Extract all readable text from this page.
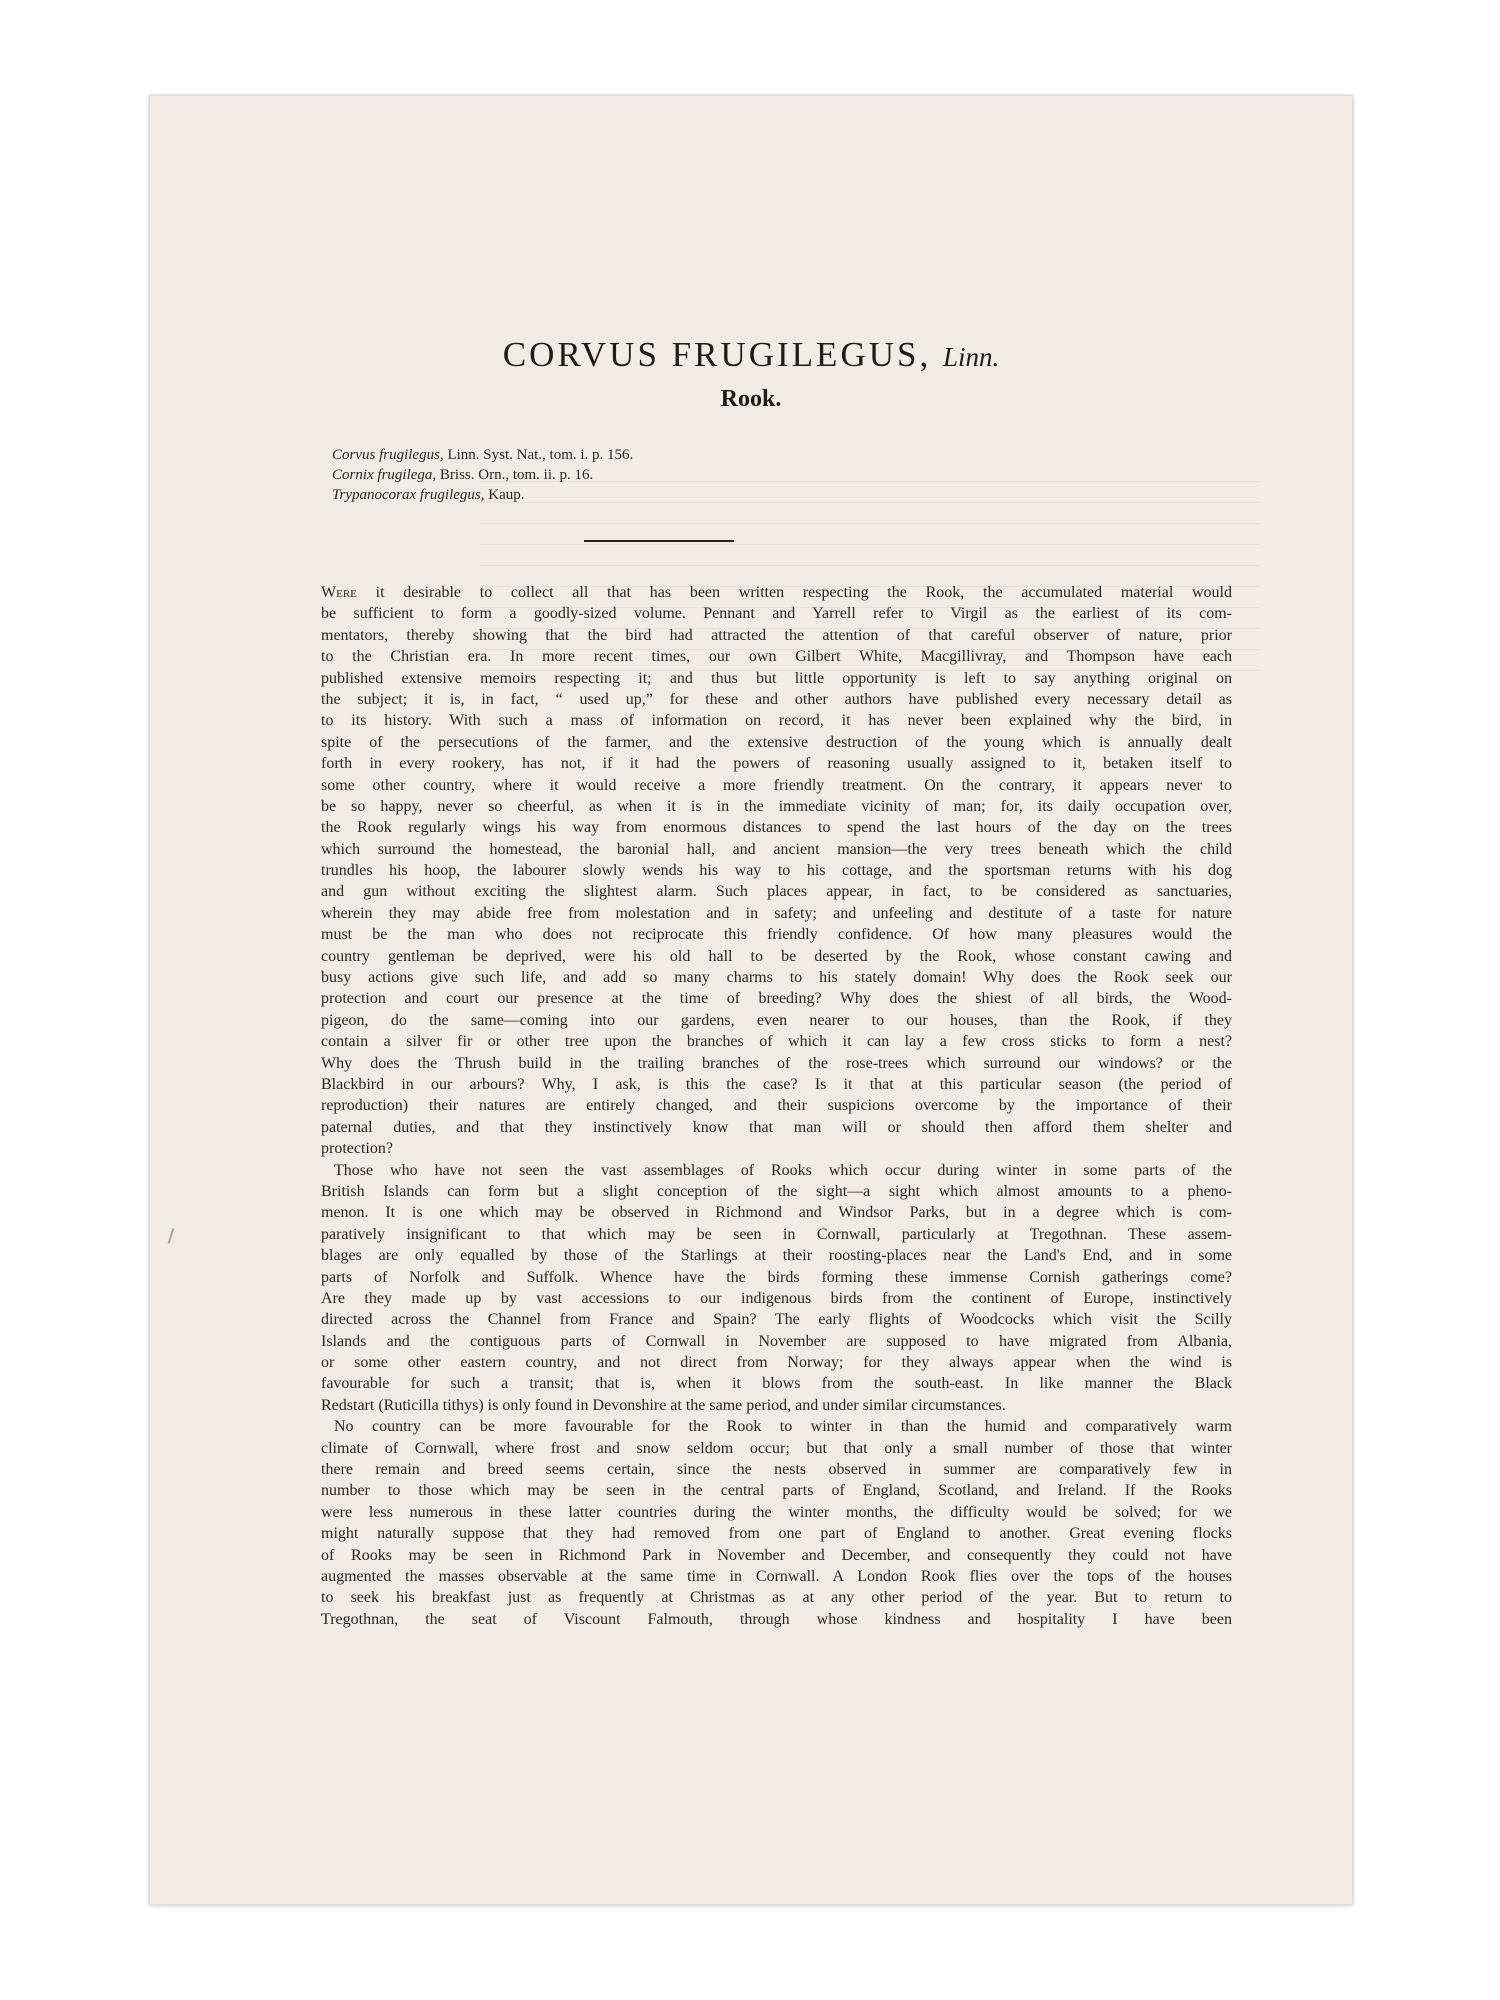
CORVUS FRUGILEGUS, Linn.
Rook.
Corvus frugilegus, Linn. Syst. Nat., tom. i. p. 156.
Cornix frugilega, Briss. Orn., tom. ii. p. 16.
Trypanocorax frugilegus, Kaup.
Were it desirable to collect all that has been written respecting the Rook, the accumulated material would
be sufficient to form a goodly-sized volume. Pennant and Yarrell refer to Virgil as the earliest of its com-
mentators, thereby showing that the bird had attracted the attention of that careful observer of nature, prior
to the Christian era. In more recent times, our own Gilbert White, Macgillivray, and Thompson have each
published extensive memoirs respecting it; and thus but little opportunity is left to say anything original on
the subject; it is, in fact, “ used up,” for these and other authors have published every necessary detail as
to its history. With such a mass of information on record, it has never been explained why the bird, in
spite of the persecutions of the farmer, and the extensive destruction of the young which is annually dealt
forth in every rookery, has not, if it had the powers of reasoning usually assigned to it, betaken itself to
some other country, where it would receive a more friendly treatment. On the contrary, it appears never to
be so happy, never so cheerful, as when it is in the immediate vicinity of man; for, its daily occupation over,
the Rook regularly wings his way from enormous distances to spend the last hours of the day on the trees
which surround the homestead, the baronial hall, and ancient mansion—the very trees beneath which the child
trundles his hoop, the labourer slowly wends his way to his cottage, and the sportsman returns with his dog
and gun without exciting the slightest alarm. Such places appear, in fact, to be considered as sanctuaries,
wherein they may abide free from molestation and in safety; and unfeeling and destitute of a taste for nature
must be the man who does not reciprocate this friendly confidence. Of how many pleasures would the
country gentleman be deprived, were his old hall to be deserted by the Rook, whose constant cawing and
busy actions give such life, and add so many charms to his stately domain! Why does the Rook seek our
protection and court our presence at the time of breeding? Why does the shiest of all birds, the Wood-
pigeon, do the same—coming into our gardens, even nearer to our houses, than the Rook, if they
contain a silver fir or other tree upon the branches of which it can lay a few cross sticks to form a nest?
Why does the Thrush build in the trailing branches of the rose-trees which surround our windows? or the
Blackbird in our arbours? Why, I ask, is this the case? Is it that at this particular season (the period of
reproduction) their natures are entirely changed, and their suspicions overcome by the importance of their
paternal duties, and that they instinctively know that man will or should then afford them shelter and
protection?
Those who have not seen the vast assemblages of Rooks which occur during winter in some parts of the
British Islands can form but a slight conception of the sight—a sight which almost amounts to a pheno-
menon. It is one which may be observed in Richmond and Windsor Parks, but in a degree which is com-
paratively insignificant to that which may be seen in Cornwall, particularly at Tregothnan. These assem-
blages are only equalled by those of the Starlings at their roosting-places near the Land's End, and in some
parts of Norfolk and Suffolk. Whence have the birds forming these immense Cornish gatherings come?
Are they made up by vast accessions to our indigenous birds from the continent of Europe, instinctively
directed across the Channel from France and Spain? The early flights of Woodcocks which visit the Scilly
Islands and the contiguous parts of Cornwall in November are supposed to have migrated from Albania,
or some other eastern country, and not direct from Norway; for they always appear when the wind is
favourable for such a transit; that is, when it blows from the south-east. In like manner the Black
Redstart (Ruticilla tithys) is only found in Devonshire at the same period, and under similar circumstances.
No country can be more favourable for the Rook to winter in than the humid and comparatively warm
climate of Cornwall, where frost and snow seldom occur; but that only a small number of those that winter
there remain and breed seems certain, since the nests observed in summer are comparatively few in
number to those which may be seen in the central parts of England, Scotland, and Ireland. If the Rooks
were less numerous in these latter countries during the winter months, the difficulty would be solved; for we
might naturally suppose that they had removed from one part of England to another. Great evening flocks
of Rooks may be seen in Richmond Park in November and December, and consequently they could not have
augmented the masses observable at the same time in Cornwall. A London Rook flies over the tops of the houses
to seek his breakfast just as frequently at Christmas as at any other period of the year. But to return to
Tregothnan, the seat of Viscount Falmouth, through whose kindness and hospitality I have been
